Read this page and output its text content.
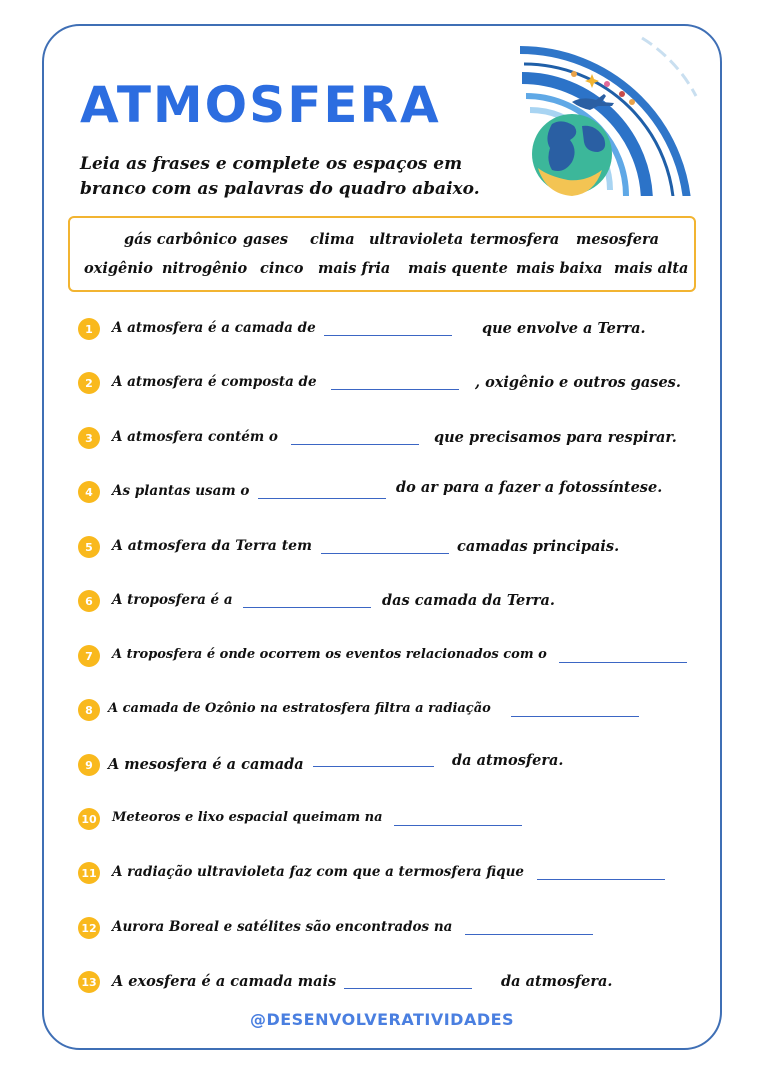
ATMOSFERA

Leia as frases e complete os espaços em branco com as palavras do quadro abaixo.

gás carbônico gases clima ultravioleta termosfera mesosfera
oxigênio nitrogênio cinco mais fria mais quente mais baixa mais alta
1	A atmosfera é a camada de	que envolve a Terra.
2	A atmosfera é composta de	, oxigênio e outros gases.
3	A atmosfera contém o	que precisamos para respirar.
4	As plantas usam o	do ar para a fazer a fotossíntese.
5	A atmosfera da Terra tem	camadas principais.
6	A troposfera é a	das camada da Terra.
7	A troposfera é onde ocorrem os eventos relacionados com o
8	A camada de Ozônio na estratosfera filtra a radiação
9	A mesosfera é a camada	da atmosfera.
10 Meteoros e lixo espacial queimam na
11 A radiação ultravioleta faz com que a termosfera fique
12 Aurora Boreal e satélites são encontrados na
13 A exosfera é a camada mais	da atmosfera.
@DESENVOLVERATIVIDADES
